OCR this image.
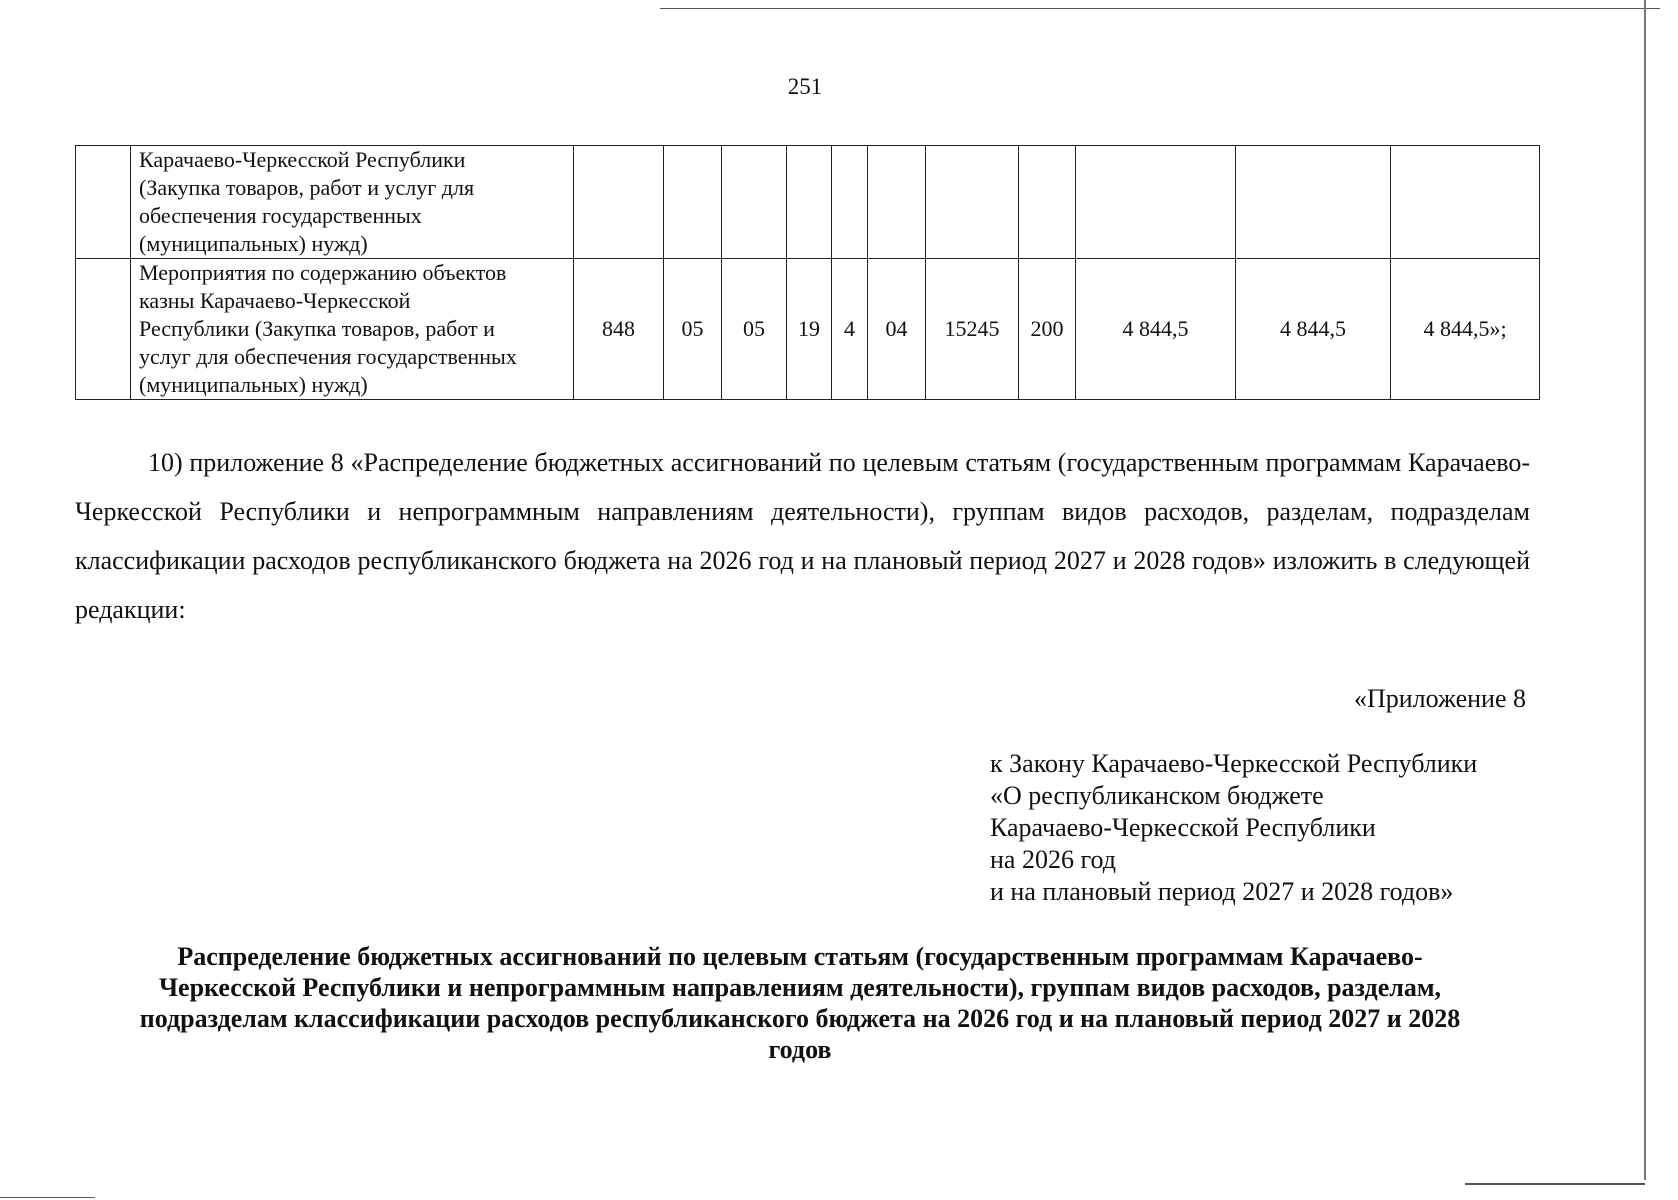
251

	Карачаево-Черкесской Республики
(Закупка товаров, работ и услуг для
обеспечения государственных
(муниципальных) нужд)											

	Мероприятия по содержанию объектов
казны Карачаево-Черкесской
Республики (Закупка товаров, работ и
услуг для обеспечения государственных
(муниципальных) нужд)	848	05	05	19	4	04	15245	200	4 844,5	4 844,5	4 844,5»;
10) приложение 8 «Распределение бюджетных ассигнований по целевым статьям (государственным программам Карачаево-Черкесской Республики и непрограммным направлениям деятельности), группам видов расходов, разделам, подразделам классификации расходов республиканского бюджета на 2026 год и на плановый период 2027 и 2028 годов» изложить в следующей редакции:
«Приложение 8
к Закону Карачаево-Черкесской Республики
«О республиканском бюджете
Карачаево-Черкесской Республики
на 2026 год
и на плановый период 2027 и 2028 годов»
Распределение бюджетных ассигнований по целевым статьям (государственным программам Карачаево-
Черкесской Республики и непрограммным направлениям деятельности), группам видов расходов, разделам,
подразделам классификации расходов республиканского бюджета на 2026 год и на плановый период 2027 и 2028
годов
